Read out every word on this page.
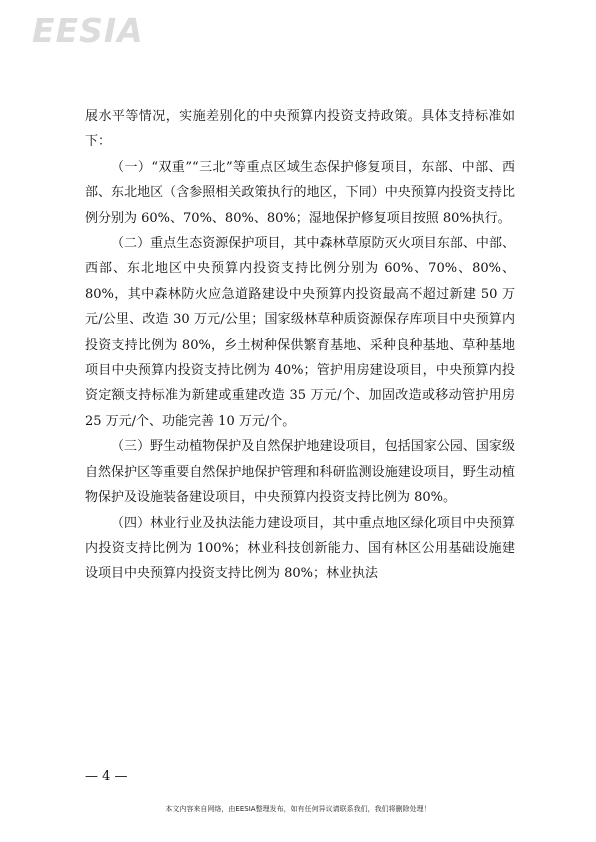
EESIA

展水平等情况，实施差别化的中央预算内投资支持政策。具体支持标准如下：

（一）“双重”“三北”等重点区域生态保护修复项目，东部、中部、西部、东北地区（含参照相关政策执行的地区，下同）中央预算内投资支持比例分别为 60%、70%、80%、80%；湿地保护修复项目按照 80%执行。

（二）重点生态资源保护项目，其中森林草原防灭火项目东部、中部、西部、东北地区中央预算内投资支持比例分别为 60%、70%、80%、80%，其中森林防火应急道路建设中央预算内投资最高不超过新建 50 万元/公里、改造 30 万元/公里；国家级林草种质资源保存库项目中央预算内投资支持比例为 80%，乡土树种保供繁育基地、采种良种基地、草种基地项目中央预算内投资支持比例为 40%；管护用房建设项目，中央预算内投资定额支持标准为新建或重建改造 35 万元/个、加固改造或移动管护用房 25 万元/个、功能完善 10 万元/个。

（三）野生动植物保护及自然保护地建设项目，包括国家公园、国家级自然保护区等重要自然保护地保护管理和科研监测设施建设项目，野生动植物保护及设施装备建设项目，中央预算内投资支持比例为 80%。

（四）林业行业及执法能力建设项目，其中重点地区绿化项目中央预算内投资支持比例为 100%；林业科技创新能力、国有林区公用基础设施建设项目中央预算内投资支持比例为 80%；林业执法

— 4 —
本文内容来自网络，由EESIA整理发布，如有任何异议请联系我们，我们将删除处理！
